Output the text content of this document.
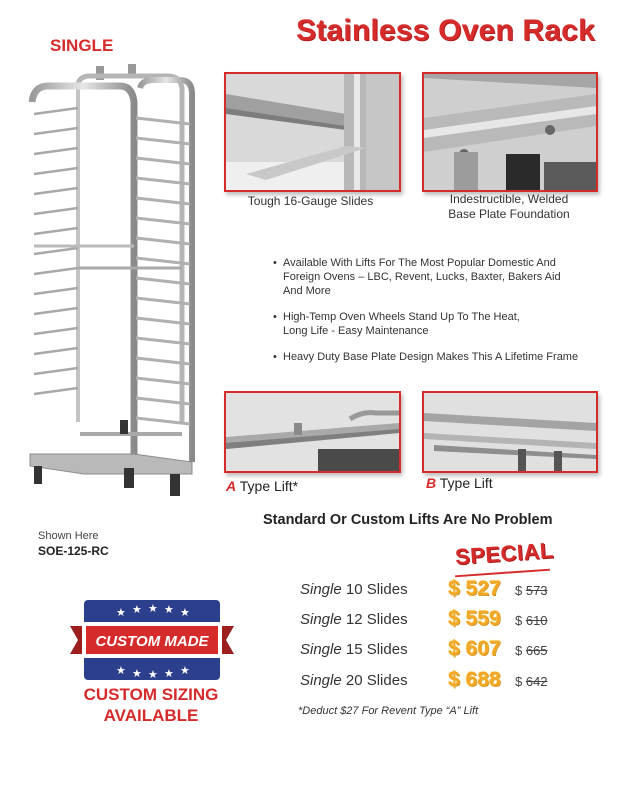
Stainless Oven Rack
SINGLE
Tough 16-Gauge Slides	Indestructible, Welded
Base Plate Foundation
• Available With Lifts For The Most Popular Domestic And
Foreign Ovens – LBC, Revent, Lucks, Baxter, Bakers Aid
And More
• High-Temp Oven Wheels Stand Up To The Heat,
Long Life - Easy Maintenance
• Heavy Duty Base Plate Design Makes This A Lifetime Frame
A Type Lift*	B Type Lift
Standard Or Custom Lifts Are No Problem
Shown Here
SOE-125-RC	SPECIAL
Single 10 Slides $ 527 $ 573
Single 12 Slides $ 559 $ 610
Single 15 Slides $ 607 $ 665
Single 20 Slides $ 688 $ 642
*Deduct $27 For Revent Type “A” Lift
★ ★ ★ ★ ★
★ ★ ★ ★ ★
CUSTOM MADE
CUSTOM SIZING
AVAILABLE
